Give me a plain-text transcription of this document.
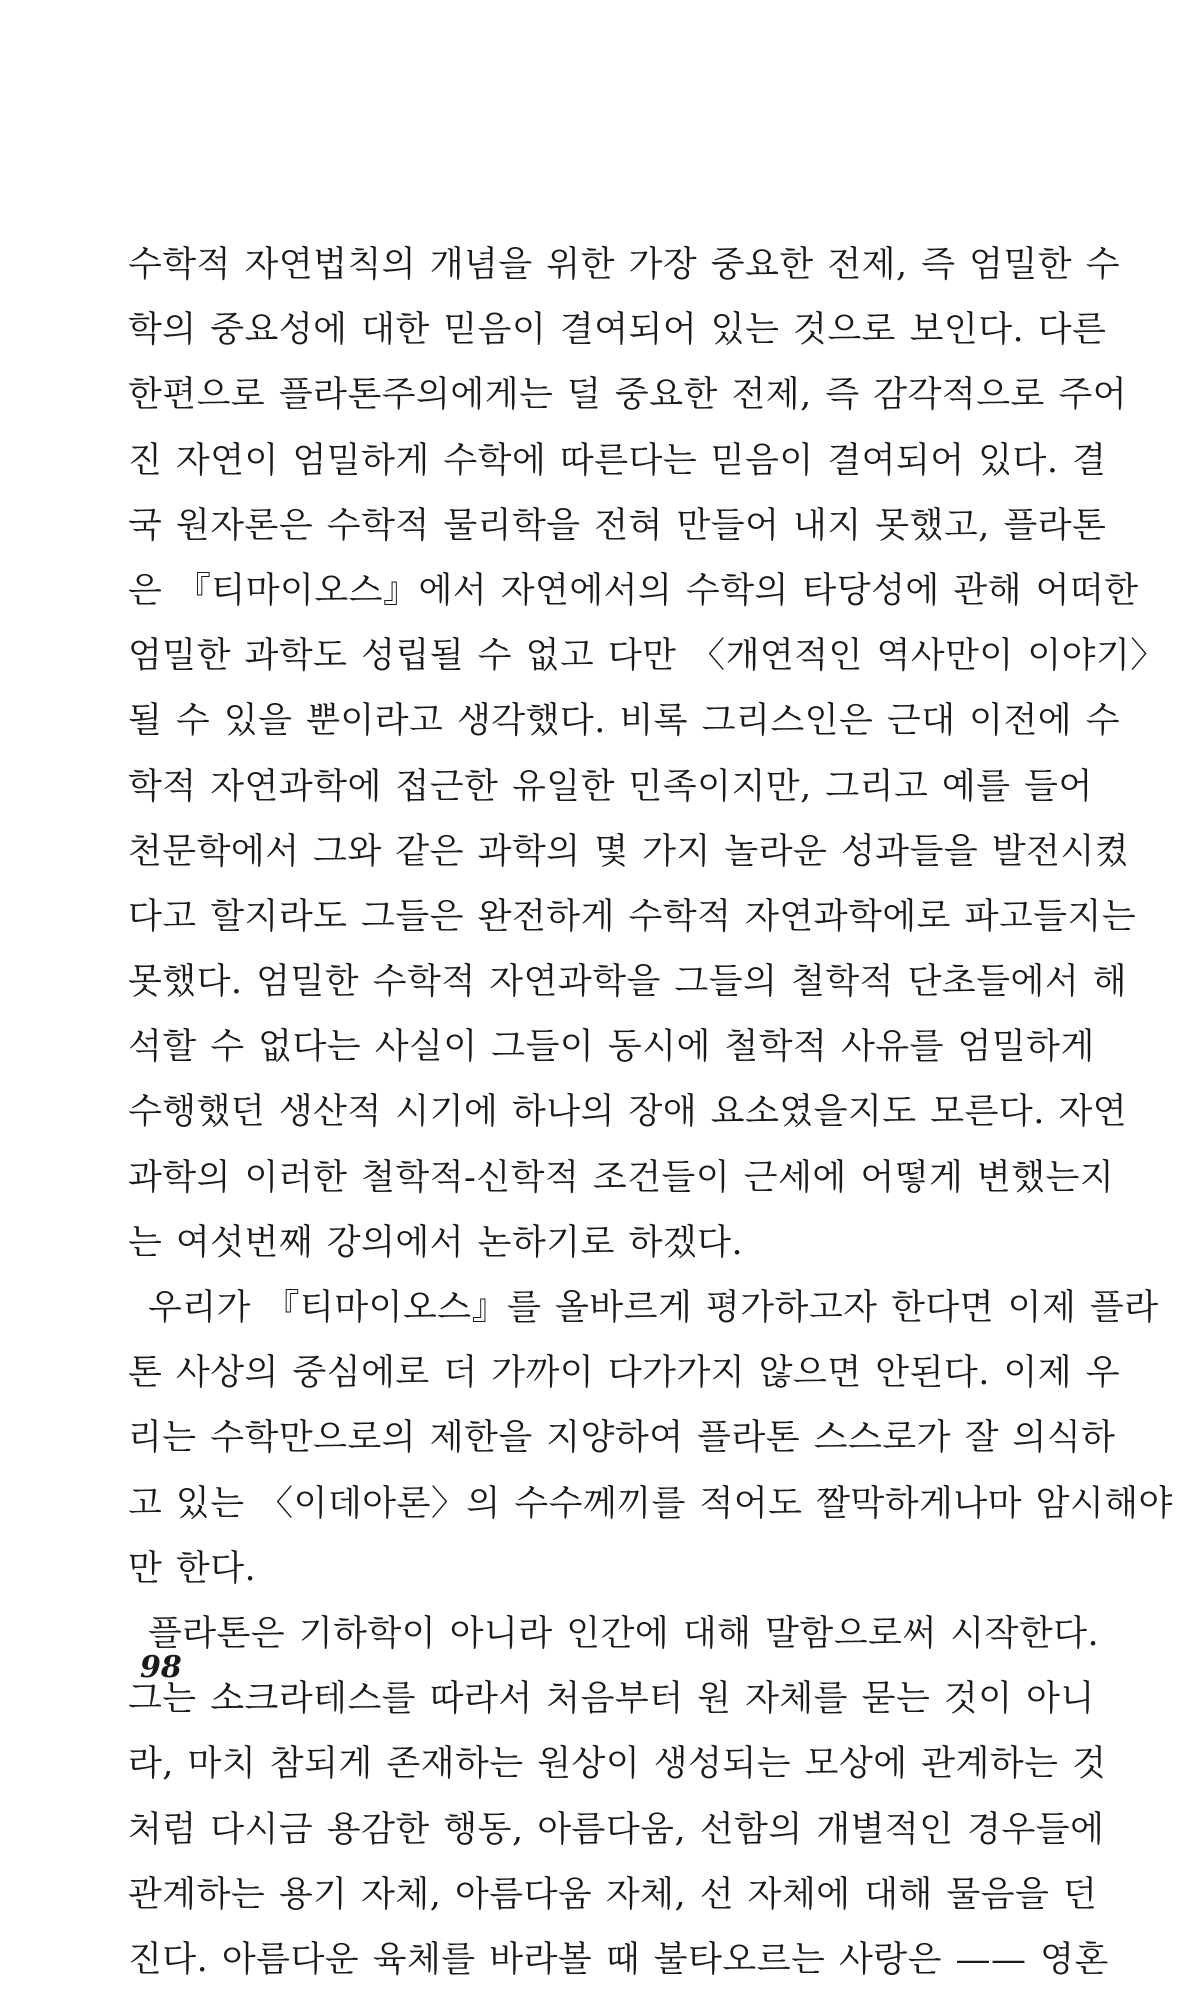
수학적 자연법칙의 개념을 위한 가장 중요한 전제, 즉 엄밀한 수
학의 중요성에 대한 믿음이 결여되어 있는 것으로 보인다. 다른
한편으로 플라톤주의에게는 덜 중요한 전제, 즉 감각적으로 주어
진 자연이 엄밀하게 수학에 따른다는 믿음이 결여되어 있다. 결
국 원자론은 수학적 물리학을 전혀 만들어 내지 못했고, 플라톤
은 『티마이오스』에서 자연에서의 수학의 타당성에 관해 어떠한
엄밀한 과학도 성립될 수 없고 다만 〈개연적인 역사만이 이야기〉
될 수 있을 뿐이라고 생각했다. 비록 그리스인은 근대 이전에 수
학적 자연과학에 접근한 유일한 민족이지만, 그리고 예를 들어
천문학에서 그와 같은 과학의 몇 가지 놀라운 성과들을 발전시켰
다고 할지라도 그들은 완전하게 수학적 자연과학에로 파고들지는
못했다. 엄밀한 수학적 자연과학을 그들의 철학적 단초들에서 해
석할 수 없다는 사실이 그들이 동시에 철학적 사유를 엄밀하게
수행했던 생산적 시기에 하나의 장애 요소였을지도 모른다. 자연
과학의 이러한 철학적-신학적 조건들이 근세에 어떻게 변했는지
는 여섯번째 강의에서 논하기로 하겠다.
우리가 『티마이오스』를 올바르게 평가하고자 한다면 이제 플라
톤 사상의 중심에로 더 가까이 다가가지 않으면 안된다. 이제 우
리는 수학만으로의 제한을 지양하여 플라톤 스스로가 잘 의식하
고 있는 〈이데아론〉의 수수께끼를 적어도 짤막하게나마 암시해야
만 한다.
플라톤은 기하학이 아니라 인간에 대해 말함으로써 시작한다.
그는 소크라테스를 따라서 처음부터 원 자체를 묻는 것이 아니
라, 마치 참되게 존재하는 원상이 생성되는 모상에 관계하는 것
처럼 다시금 용감한 행동, 아름다움, 선함의 개별적인 경우들에
관계하는 용기 자체, 아름다움 자체, 선 자체에 대해 물음을 던
진다. 아름다운 육체를 바라볼 때 불타오르는 사랑은 —— 영혼
98
